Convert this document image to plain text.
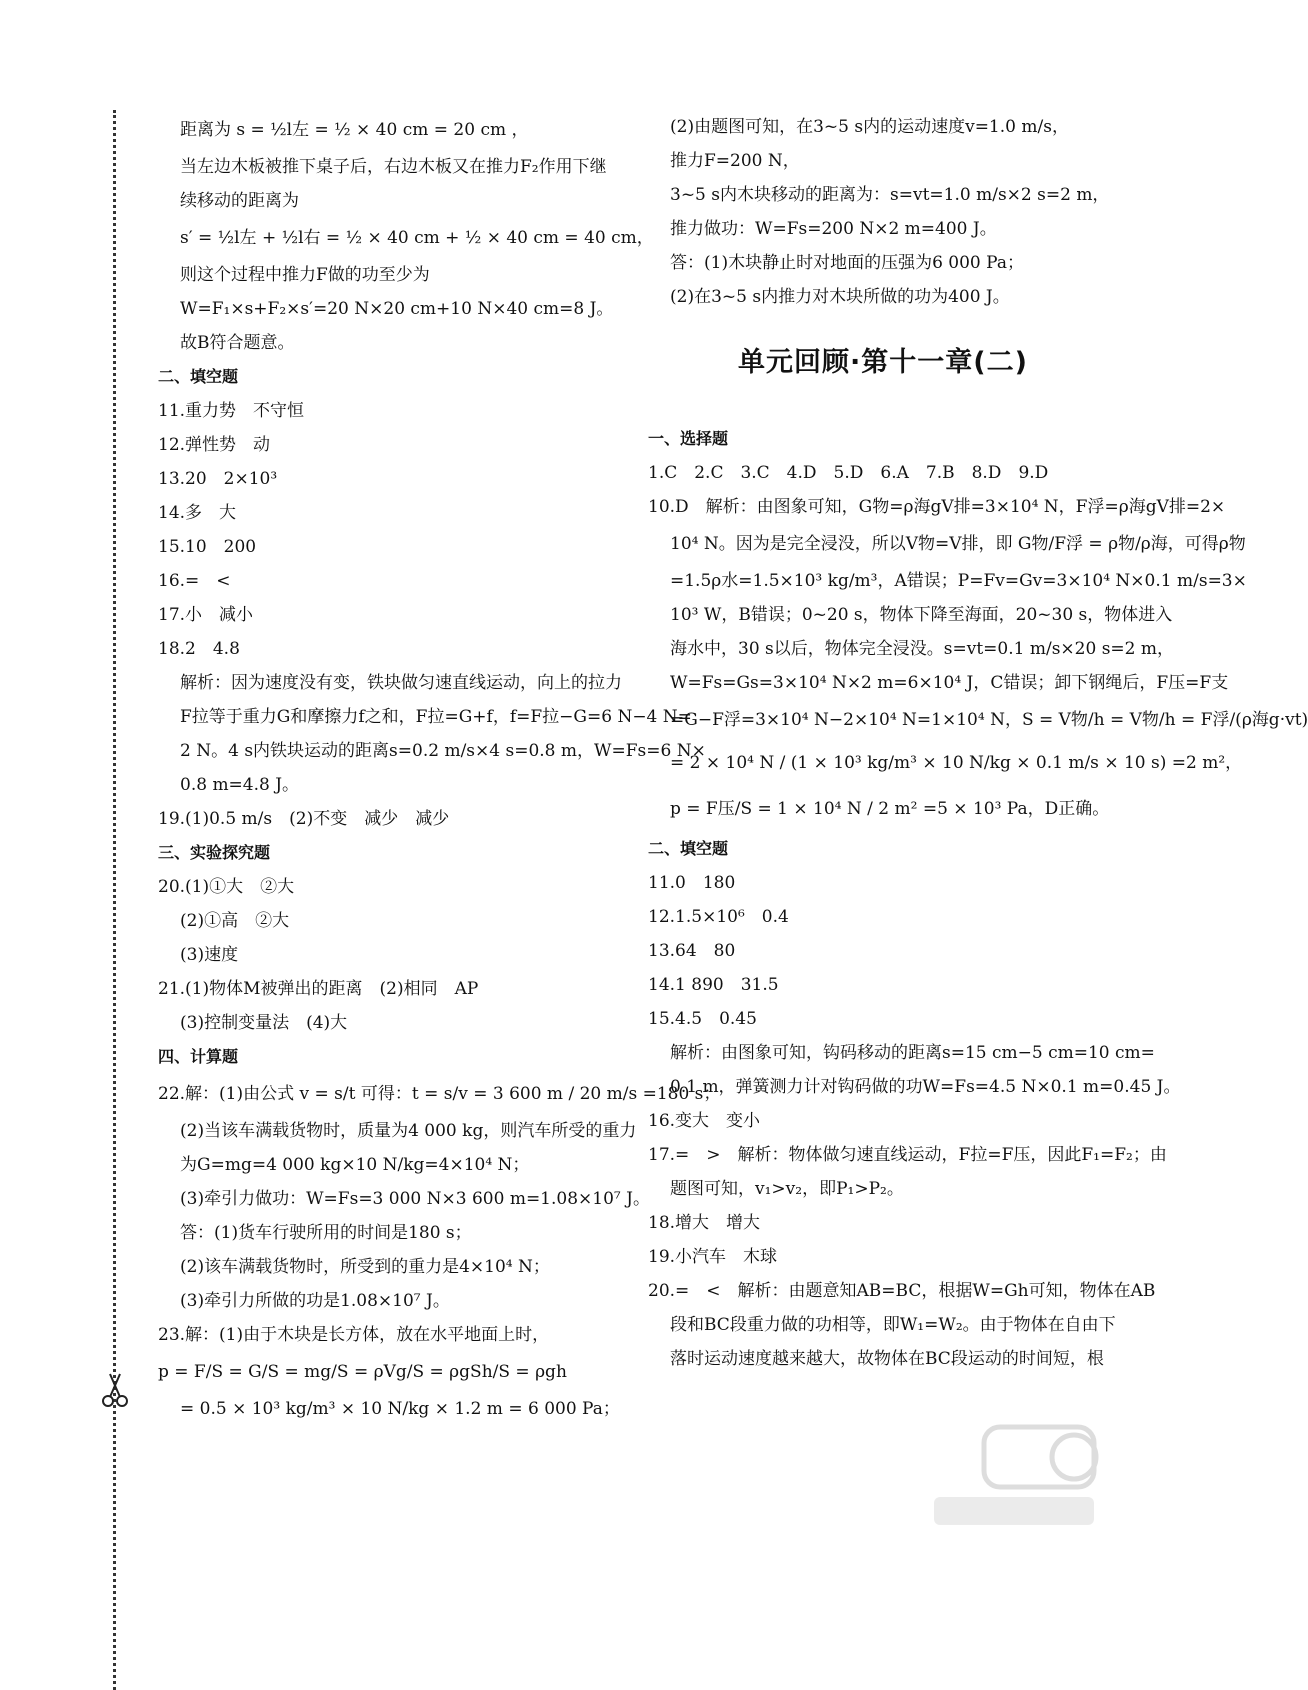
距离为 s = ½l左 = ½ × 40 cm = 20 cm ，
当左边木板被推下桌子后，右边木板又在推力F₂作用下继
续移动的距离为
s′ = ½l左 + ½l右 = ½ × 40 cm + ½ × 40 cm = 40 cm，
则这个过程中推力F做的功至少为
W=F₁×s+F₂×s′=20 N×20 cm+10 N×40 cm=8 J。
故B符合题意。
二、填空题
11.重力势　不守恒
12.弹性势　动
13.20　2×10³
14.多　大
15.10　200
16.=　<
17.小　减小
18.2　4.8
解析：因为速度没有变，铁块做匀速直线运动，向上的拉力
F拉等于重力G和摩擦力f之和，F拉=G+f，f=F拉−G=6 N−4 N=
2 N。4 s内铁块运动的距离s=0.2 m/s×4 s=0.8 m，W=Fs=6 N×
0.8 m=4.8 J。
19.(1)0.5 m/s　(2)不变　减少　减少
三、实验探究题
20.(1)①大　②大
(2)①高　②大
(3)速度
21.(1)物体M被弹出的距离　(2)相同　AP
(3)控制变量法　(4)大
四、计算题
22.解：(1)由公式 v = s/t 可得：t = s/v = 3 600 m / 20 m/s =180 s；
(2)当该车满载货物时，质量为4 000 kg，则汽车所受的重力
为G=mg=4 000 kg×10 N/kg=4×10⁴ N；
(3)牵引力做功：W=Fs=3 000 N×3 600 m=1.08×10⁷ J。
答：(1)货车行驶所用的时间是180 s；
(2)该车满载货物时，所受到的重力是4×10⁴ N；
(3)牵引力所做的功是1.08×10⁷ J。
23.解：(1)由于木块是长方体，放在水平地面上时，
p = F/S = G/S = mg/S = ρVg/S = ρgSh/S = ρgh
= 0.5 × 10³ kg/m³ × 10 N/kg × 1.2 m = 6 000 Pa；
(2)由题图可知，在3~5 s内的运动速度v=1.0 m/s，
推力F=200 N，
3~5 s内木块移动的距离为：s=vt=1.0 m/s×2 s=2 m，
推力做功：W=Fs=200 N×2 m=400 J。
答：(1)木块静止时对地面的压强为6 000 Pa；
(2)在3~5 s内推力对木块所做的功为400 J。
单元回顾·第十一章(二)
一、选择题
1.C　2.C　3.C　4.D　5.D　6.A　7.B　8.D　9.D
10.D　解析：由图象可知，G物=ρ海gV排=3×10⁴ N，F浮=ρ海gV排=2×
10⁴ N。因为是完全浸没，所以V物=V排，即 G物/F浮 = ρ物/ρ海，可得ρ物
=1.5ρ水=1.5×10³ kg/m³，A错误；P=Fv=Gv=3×10⁴ N×0.1 m/s=3×
10³ W，B错误；0~20 s，物体下降至海面，20~30 s，物体进入
海水中，30 s以后，物体完全浸没。s=vt=0.1 m/s×20 s=2 m，
W=Fs=Gs=3×10⁴ N×2 m=6×10⁴ J，C错误；卸下钢绳后，F压=F支
=G−F浮=3×10⁴ N−2×10⁴ N=1×10⁴ N，S = V物/h = V物/h = F浮/(ρ海g·vt)
= 2 × 10⁴ N / (1 × 10³ kg/m³ × 10 N/kg × 0.1 m/s × 10 s) =2 m²，
p = F压/S = 1 × 10⁴ N / 2 m² =5 × 10³ Pa，D正确。
二、填空题
11.0　180
12.1.5×10⁶　0.4
13.64　80
14.1 890　31.5
15.4.5　0.45
解析：由图象可知，钩码移动的距离s=15 cm−5 cm=10 cm=
0.1 m，弹簧测力计对钩码做的功W=Fs=4.5 N×0.1 m=0.45 J。
16.变大　变小
17.=　>　解析：物体做匀速直线运动，F拉=F压，因此F₁=F₂；由
题图可知，v₁>v₂，即P₁>P₂。
18.增大　增大
19.小汽车　木球
20.=　<　解析：由题意知AB=BC，根据W=Gh可知，物体在AB
段和BC段重力做的功相等，即W₁=W₂。由于物体在自由下
落时运动速度越来越大，故物体在BC段运动的时间短，根
